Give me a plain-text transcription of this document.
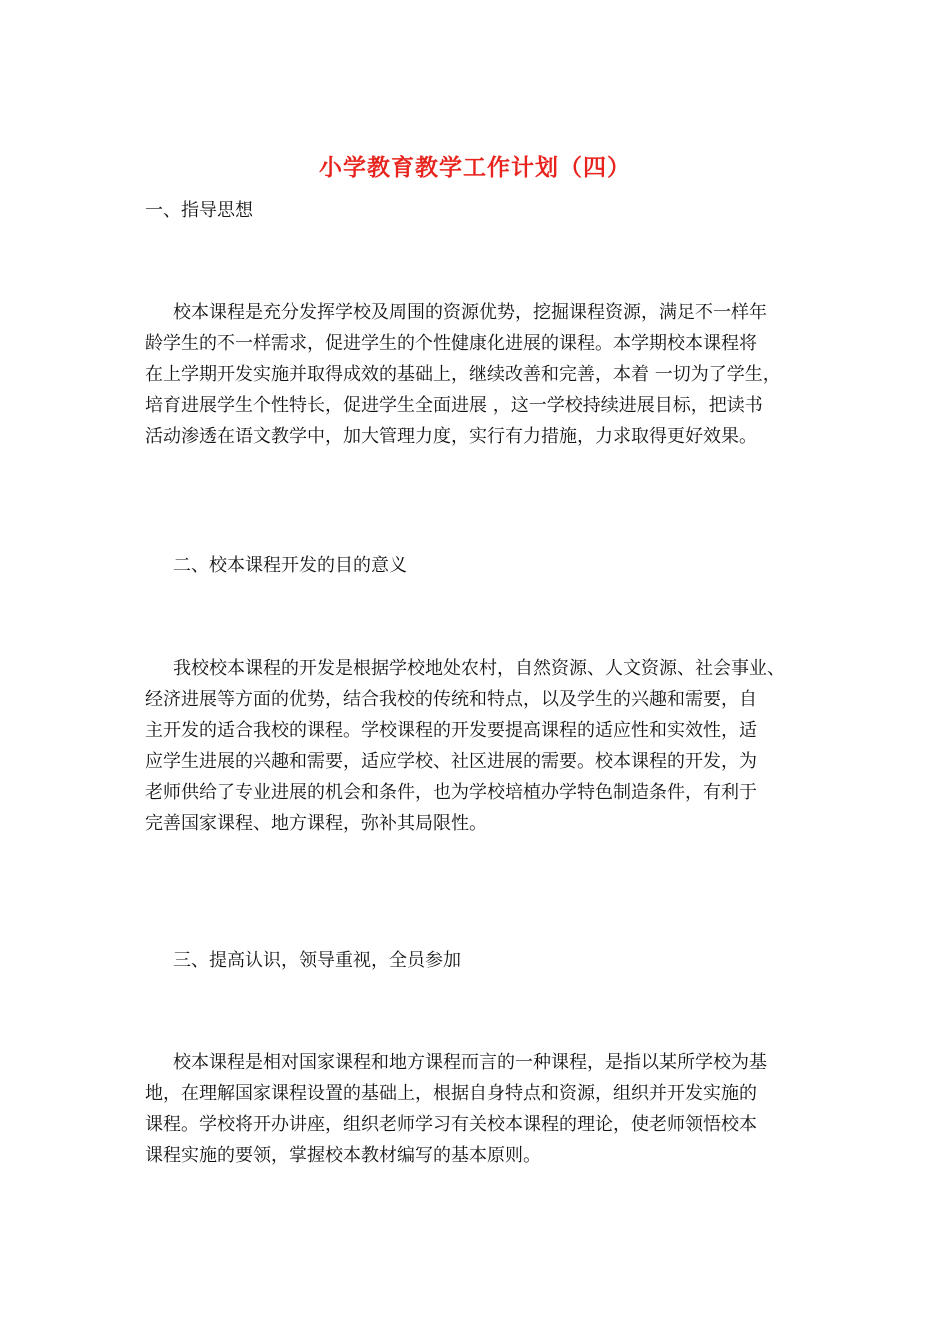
小学教育教学工作计划（四）
一、指导思想
校本课程是充分发挥学校及周围的资源优势，挖掘课程资源，满足不一样年
龄学生的不一样需求，促进学生的个性健康化进展的课程。本学期校本课程将
在上学期开发实施并取得成效的基础上，继续改善和完善，本着 一切为了学生，
培育进展学生个性特长，促进学生全面进展 ，这一学校持续进展目标，把读书
活动渗透在语文教学中，加大管理力度，实行有力措施，力求取得更好效果。
二、校本课程开发的目的意义
我校校本课程的开发是根据学校地处农村，自然资源、人文资源、社会事业、
经济进展等方面的优势，结合我校的传统和特点，以及学生的兴趣和需要，自
主开发的适合我校的课程。学校课程的开发要提高课程的适应性和实效性，适
应学生进展的兴趣和需要，适应学校、社区进展的需要。校本课程的开发，为
老师供给了专业进展的机会和条件，也为学校培植办学特色制造条件，有利于
完善国家课程、地方课程，弥补其局限性。
三、提高认识，领导重视，全员参加
校本课程是相对国家课程和地方课程而言的一种课程，是指以某所学校为基
地，在理解国家课程设置的基础上，根据自身特点和资源，组织并开发实施的
课程。学校将开办讲座，组织老师学习有关校本课程的理论，使老师领悟校本
课程实施的要领，掌握校本教材编写的基本原则。
